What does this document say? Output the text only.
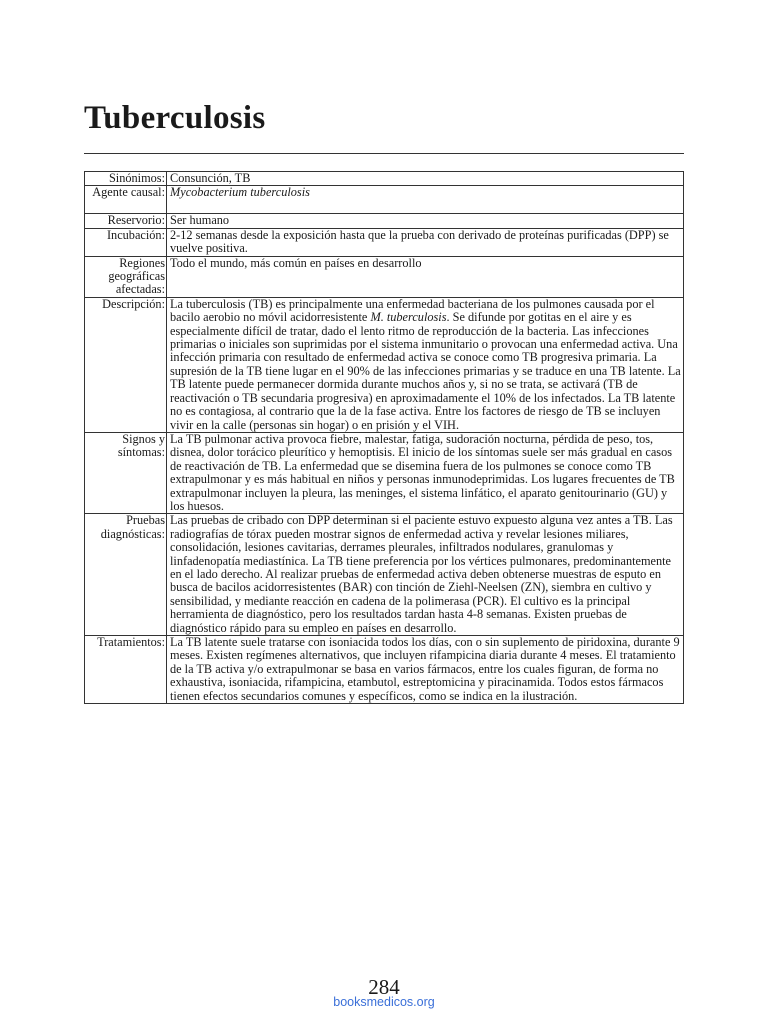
Tuberculosis
Sinónimos:	Consunción, TB
Agente causal:	Mycobacterium tuberculosis
Reservorio:	Ser humano
Incubación:	2-12 semanas desde la exposición hasta que la prueba con derivado de proteínas purificadas (DPP) se vuelve positiva.
Regiones geográficas afectadas:	Todo el mundo, más común en países en desarrollo
Descripción:	La tuberculosis (TB) es principalmente una enfermedad bacteriana de los pulmones causada por el bacilo aerobio no móvil acidorresistente M. tuberculosis. Se difunde por gotitas en el aire y es especialmente difícil de tratar, dado el lento ritmo de reproducción de la bacteria. Las infecciones primarias o iniciales son suprimidas por el sistema inmunitario o provocan una enfermedad activa. Una infección primaria con resultado de enfermedad activa se conoce como TB progresiva primaria. La supresión de la TB tiene lugar en el 90% de las infecciones primarias y se traduce en una TB latente. La TB latente puede permanecer dormida durante muchos años y, si no se trata, se activará (TB de reactivación o TB secundaria progresiva) en aproximadamente el 10% de los infectados. La TB latente no es contagiosa, al contrario que la de la fase activa. Entre los factores de riesgo de TB se incluyen vivir en la calle (personas sin hogar) o en prisión y el VIH.
Signos y síntomas:	La TB pulmonar activa provoca fiebre, malestar, fatiga, sudoración nocturna, pérdida de peso, tos, disnea, dolor torácico pleurítico y hemoptisis. El inicio de los síntomas suele ser más gradual en casos de reactivación de TB. La enfermedad que se disemina fuera de los pulmones se conoce como TB extrapulmonar y es más habitual en niños y personas inmunodeprimidas. Los lugares frecuentes de TB extrapulmonar incluyen la pleura, las meninges, el sistema linfático, el aparato genitourinario (GU) y los huesos.
Pruebas diagnósticas:	Las pruebas de cribado con DPP determinan si el paciente estuvo expuesto alguna vez antes a TB. Las radiografías de tórax pueden mostrar signos de enfermedad activa y revelar lesiones miliares, consolidación, lesiones cavitarias, derrames pleurales, infiltrados nodulares, granulomas y linfadenopatía mediastínica. La TB tiene preferencia por los vértices pulmonares, predominantemente en el lado derecho. Al realizar pruebas de enfermedad activa deben obtenerse muestras de esputo en busca de bacilos acidorresistentes (BAR) con tinción de Ziehl-Neelsen (ZN), siembra en cultivo y sensibilidad, y mediante reacción en cadena de la polimerasa (PCR). El cultivo es la principal herramienta de diagnóstico, pero los resultados tardan hasta 4-8 semanas. Existen pruebas de diagnóstico rápido para su empleo en países en desarrollo.
Tratamientos:	La TB latente suele tratarse con isoniacida todos los días, con o sin suplemento de piridoxina, durante 9 meses. Existen regímenes alternativos, que incluyen rifampicina diaria durante 4 meses. El tratamiento de la TB activa y/o extrapulmonar se basa en varios fármacos, entre los cuales figuran, de forma no exhaustiva, isoniacida, rifampicina, etambutol, estreptomicina y piracinamida. Todos estos fármacos tienen efectos secundarios comunes y específicos, como se indica en la ilustración.
284
booksmedicos.org
